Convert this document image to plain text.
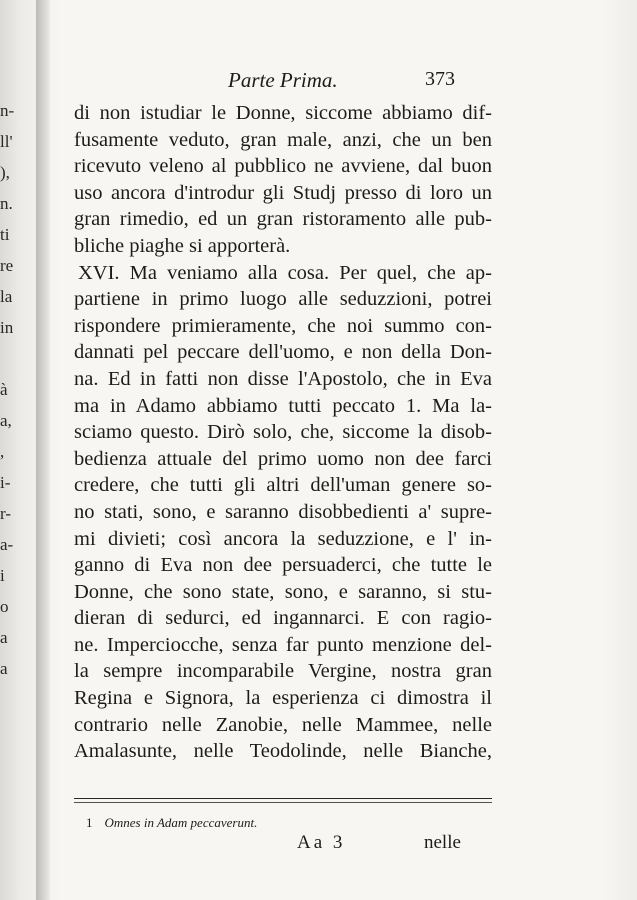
n-
ll'
),
n.
ti
re
la
in
à
a,
,
i-
r-
a-
i
o
a
a
Parte Prima.	373
di non istudiar le Donne, siccome abbiamo dif-
fusamente veduto, gran male, anzi, che un ben
ricevuto veleno al pubblico ne avviene, dal buon
uso ancora d'introdur gli Studj presso di loro un
gran rimedio, ed un gran ristoramento alle pub-
bliche piaghe si apporterà.
XVI. Ma veniamo alla cosa. Per quel, che ap-
partiene in primo luogo alle seduzzioni, potrei
rispondere primieramente, che noi summo con-
dannati pel peccare dell'uomo, e non della Don-
na. Ed in fatti non disse l'Apostolo, che in Eva
ma in Adamo abbiamo tutti peccato 1. Ma la-
sciamo questo. Dirò solo, che, siccome la disob-
bedienza attuale del primo uomo non dee farci
credere, che tutti gli altri dell'uman genere so-
no stati, sono, e saranno disobbedienti a' supre-
mi divieti; così ancora la seduzzione, e l' in-
ganno di Eva non dee persuaderci, che tutte le
Donne, che sono state, sono, e saranno, si stu-
dieran di sedurci, ed ingannarci. E con ragio-
ne. Imperciocche, senza far punto menzione del-
la sempre incomparabile Vergine, nostra gran
Regina e Signora, la esperienza ci dimostra il
contrario nelle Zanobie, nelle Mammee, nelle
Amalasunte, nelle Teodolinde, nelle Bianche,
1 Omnes in Adam peccaverunt.
Aa 3	nelle
